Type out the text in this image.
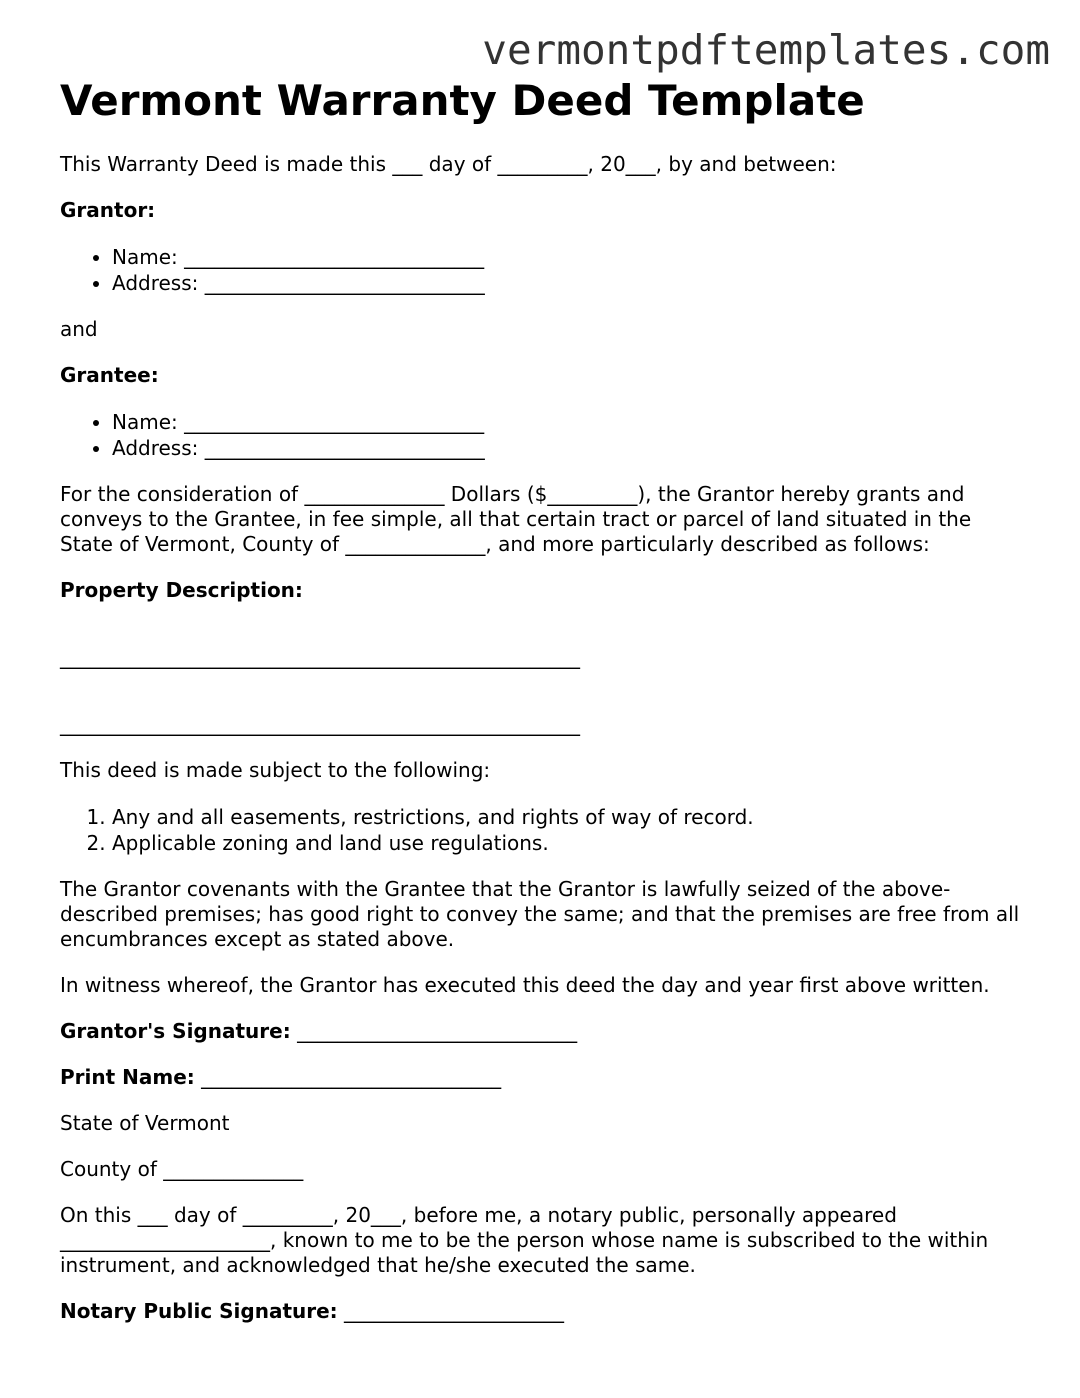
vermontpdftemplates.com
Vermont Warranty Deed Template

This Warranty Deed is made this ___ day of _________, 20___, by and between:

Grantor:

• Name: ______________________________
• Address: ____________________________

and

Grantee:

• Name: ______________________________
• Address: ____________________________

For the consideration of ______________ Dollars ($_________), the Grantor hereby grants and conveys to the Grantee, in fee simple, all that certain tract or parcel of land situated in the State of Vermont, County of ______________, and more particularly described as follows:

Property Description:

____________________________________________________
____________________________________________________

This deed is made subject to the following:

1. Any and all easements, restrictions, and rights of way of record.
2. Applicable zoning and land use regulations.

The Grantor covenants with the Grantee that the Grantor is lawfully seized of the above-described premises; has good right to convey the same; and that the premises are free from all encumbrances except as stated above.

In witness whereof, the Grantor has executed this deed the day and year first above written.

Grantor's Signature: ____________________________

Print Name: ______________________________

State of Vermont

County of ______________

On this ___ day of _________, 20___, before me, a notary public, personally appeared _____________________, known to me to be the person whose name is subscribed to the within instrument, and acknowledged that he/she executed the same.

Notary Public Signature: ______________________
